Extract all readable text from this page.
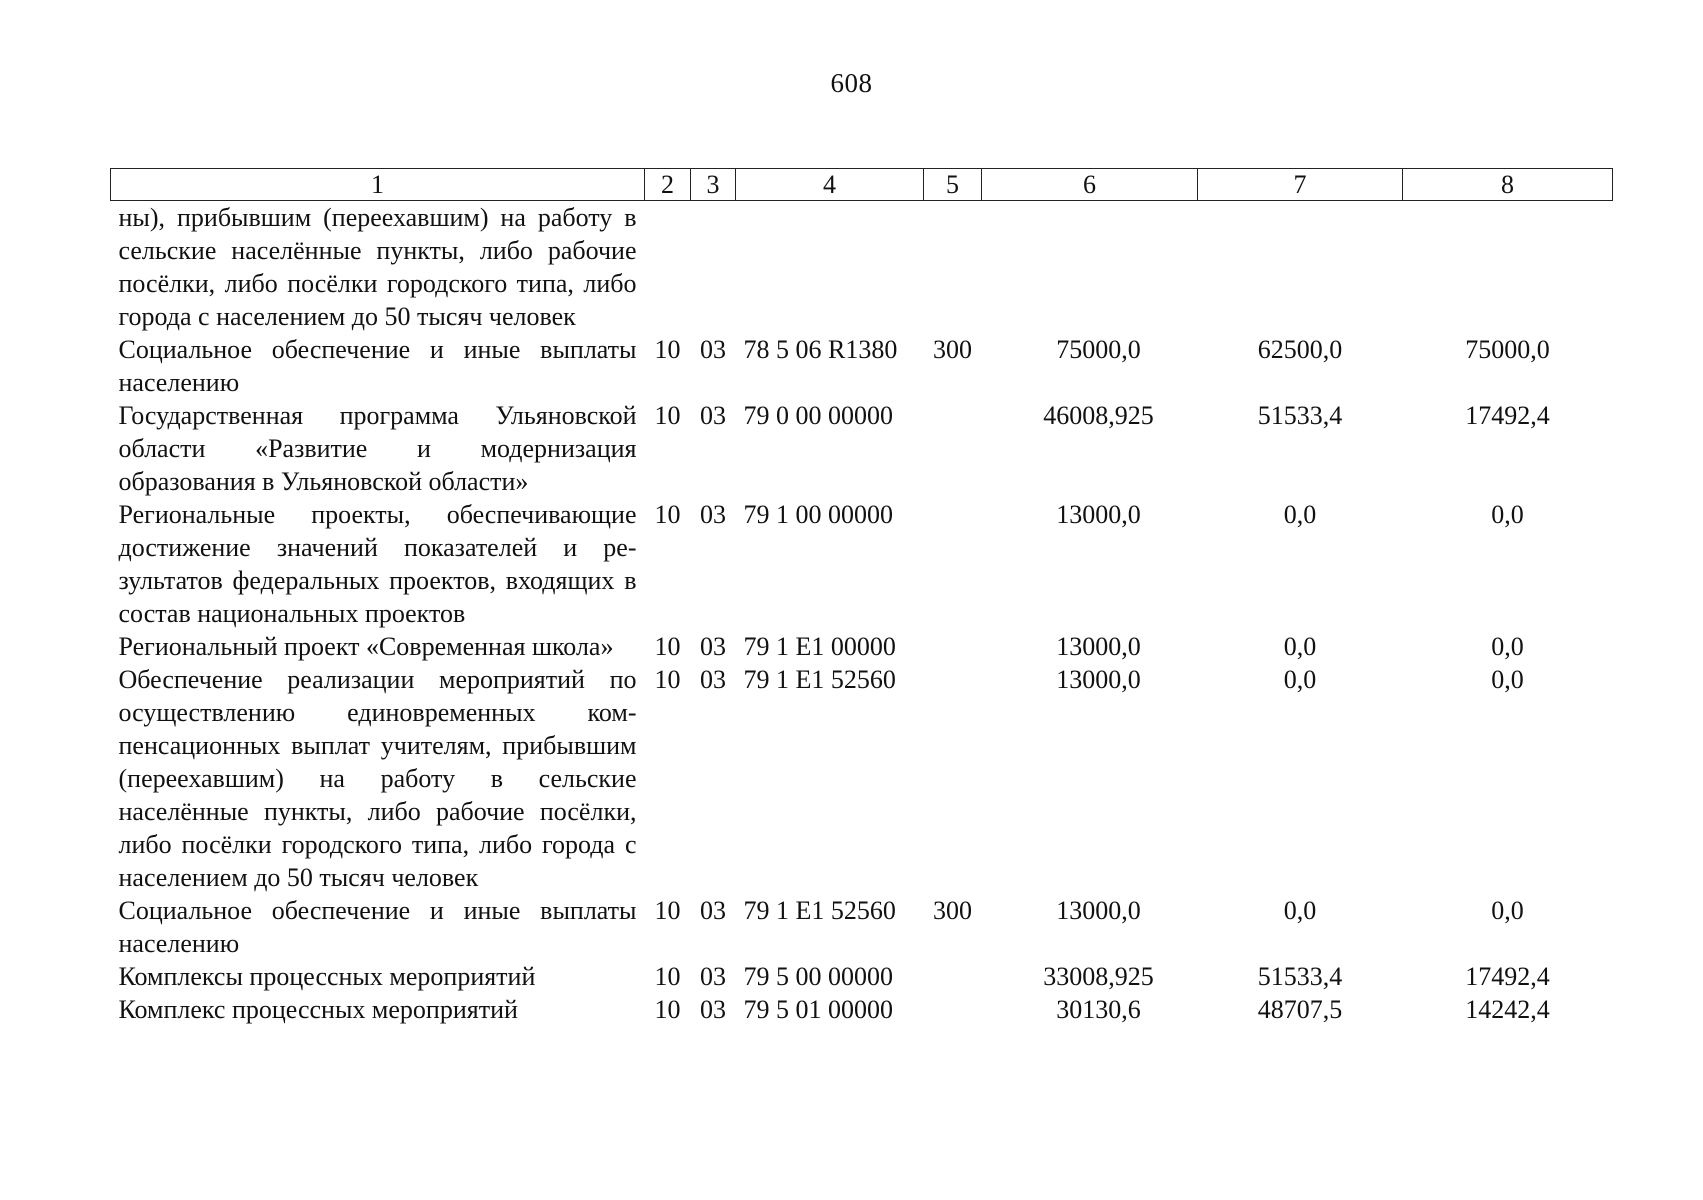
608
1	2	3	4	5	6	7	8
ны), прибывшим (переехавшим) на работу в сельские населённые пункты, либо рабочие посёлки, либо посёлки городского типа, либо города с населением до 50 тысяч человек							
Социальное обеспечение и иные выплаты населению	10	03	78 5 06 R1380	300	75000,0	62500,0	75000,0
Государственная программа Ульяновской области «Развитие и модернизация образования в Ульяновской области»	10	03	79 0 00 00000		46008,925	51533,4	17492,4
Региональные проекты, обеспечивающие достижение значений показателей и результатов федеральных проектов, входящих в состав национальных проектов	10	03	79 1 00 00000		13000,0	0,0	0,0
Региональный проект «Современная школа»	10	03	79 1 E1 00000		13000,0	0,0	0,0
Обеспечение реализации мероприятий по осуществлению единовременных компенсационных выплат учителям, прибывшим (переехавшим) на работу в сельские населённые пункты, либо рабочие посёлки, либо посёлки городского типа, либо города с населением до 50 тысяч человек	10	03	79 1 E1 52560		13000,0	0,0	0,0
Социальное обеспечение и иные выплаты населению	10	03	79 1 E1 52560	300	13000,0	0,0	0,0
Комплексы процессных мероприятий	10	03	79 5 00 00000		33008,925	51533,4	17492,4
Комплекс процессных мероприятий	10	03	79 5 01 00000		30130,6	48707,5	14242,4
